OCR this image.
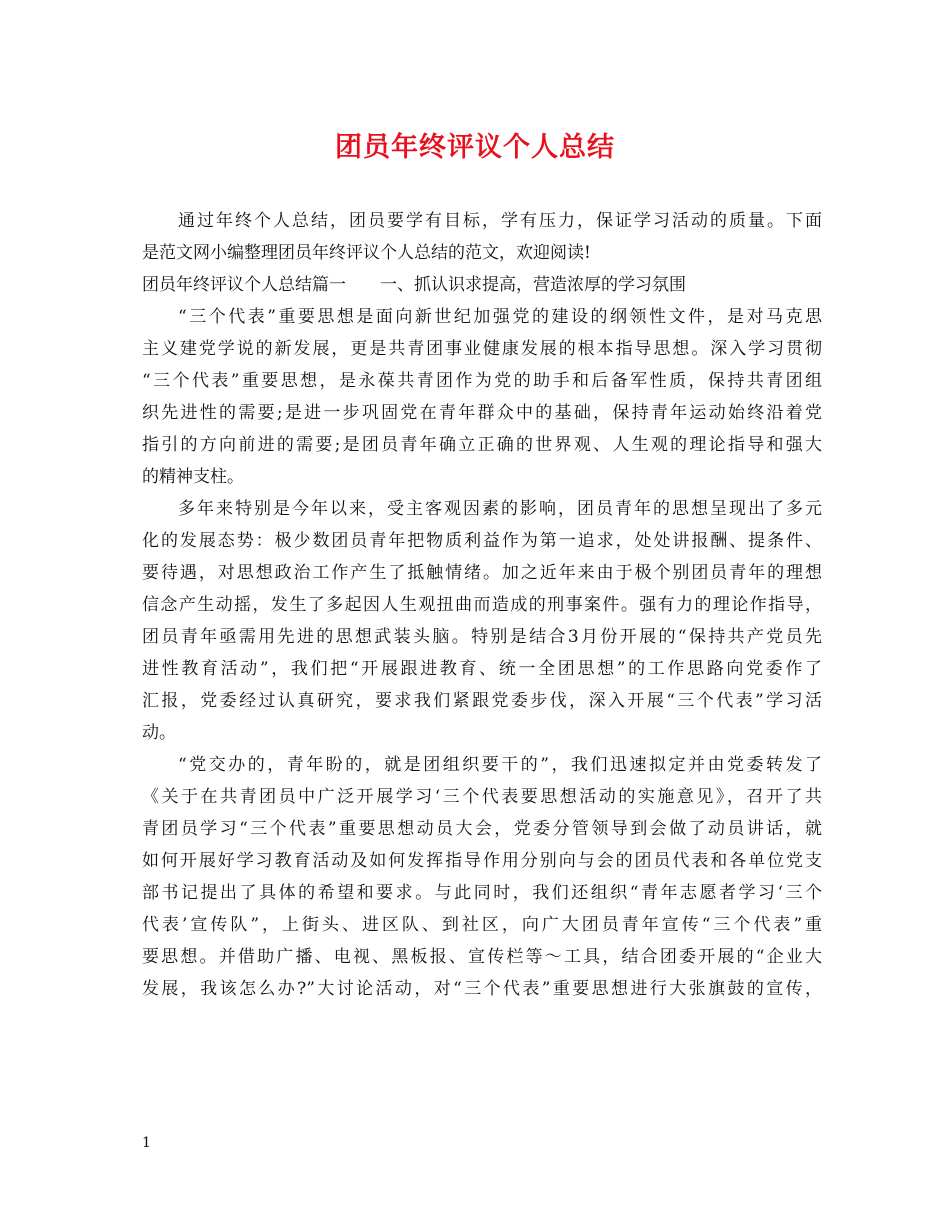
团员年终评议个人总结
通过年终个人总结，团员要学有目标，学有压力，保证学习活动的质量。下面
是范文网小编整理团员年终评议个人总结的范文，欢迎阅读!
团员年终评议个人总结篇一　　一、抓认识求提高，营造浓厚的学习氛围
“三个代表”重要思想是面向新世纪加强党的建设的纲领性文件，是对马克思
主义建党学说的新发展，更是共青团事业健康发展的根本指导思想。深入学习贯彻
“三个代表”重要思想，是永葆共青团作为党的助手和后备军性质，保持共青团组
织先进性的需要;是进一步巩固党在青年群众中的基础，保持青年运动始终沿着党
指引的方向前进的需要;是团员青年确立正确的世界观、人生观的理论指导和强大
的精神支柱。
多年来特别是今年以来，受主客观因素的影响，团员青年的思想呈现出了多元
化的发展态势：极少数团员青年把物质利益作为第一追求，处处讲报酬、提条件、
要待遇，对思想政治工作产生了抵触情绪。加之近年来由于极个别团员青年的理想
信念产生动摇，发生了多起因人生观扭曲而造成的刑事案件。强有力的理论作指导，
团员青年亟需用先进的思想武装头脑。特别是结合3月份开展的“保持共产党员先
进性教育活动”，我们把“开展跟进教育、统一全团思想”的工作思路向党委作了
汇报，党委经过认真研究，要求我们紧跟党委步伐，深入开展“三个代表”学习活
动。
“党交办的，青年盼的，就是团组织要干的”，我们迅速拟定并由党委转发了
《关于在共青团员中广泛开展学习‘三个代表要思想活动的实施意见》，召开了共
青团员学习“三个代表”重要思想动员大会，党委分管领导到会做了动员讲话，就
如何开展好学习教育活动及如何发挥指导作用分别向与会的团员代表和各单位党支
部书记提出了具体的希望和要求。与此同时，我们还组织“青年志愿者学习‘三个
代表’宣传队”，上街头、进区队、到社区，向广大团员青年宣传“三个代表”重
要思想。并借助广播、电视、黑板报、宣传栏等～工具，结合团委开展的“企业大
发展，我该怎么办?”大讨论活动，对“三个代表”重要思想进行大张旗鼓的宣传，
1
